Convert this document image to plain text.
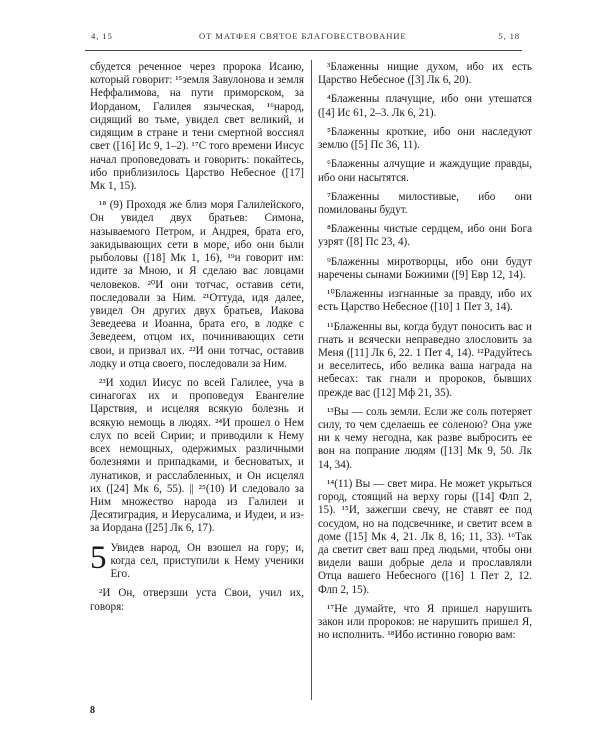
4, 15	ОТ МАТФЕЯ СВЯТОЕ БЛАГОВЕСТВОВАНИЕ	5, 18

сбудется реченное через пророка Исаию, который говорит: ¹⁵земля Завулонова и земля Неффалимова, на пути приморском, за Иорданом, Галилея языческая, ¹⁶народ, сидящий во тьме, увидел свет великий, и сидящим в стране и тени смертной воссиял свет ([16] Ис 9, 1–2). ¹⁷С того времени Иисус начал проповедовать и говорить: покайтесь, ибо приблизилось Царство Небесное ([17] Мк 1, 15).

¹⁸ (9) Проходя же близ моря Галилейского, Он увидел двух братьев: Симона, называемого Петром, и Андрея, брата его, закидывающих сети в море, ибо они были рыболовы ([18] Мк 1, 16), ¹⁹и говорит им: идите за Мною, и Я сделаю вас ловцами человеков. ²⁰И они тотчас, оставив сети, последовали за Ним. ²¹Оттуда, идя далее, увидел Он других двух братьев, Иакова Зеведеева и Иоанна, брата его, в лодке с Зеведеем, отцом их, починивающих сети свои, и призвал их. ²²И они тотчас, оставив лодку и отца своего, последовали за Ним.

²³И ходил Иисус по всей Галилее, уча в синагогах их и проповедуя Евангелие Царствия, и исцеляя всякую болезнь и всякую немощь в людях. ²⁴И прошел о Нем слух по всей Сирии; и приводили к Нему всех немощных, одержимых различными болезнями и припадками, и бесноватых, и лунатиков, и расслабленных, и Он исцелял их ([24] Мк 6, 55). || ²⁵(10) И следовало за Ним множество народа из Галилеи и Десятиградия, и Иерусалима, и Иудеи, и из-за Иордана ([25] Лк 6, 17).

5 Увидев народ, Он взошел на гору; и, когда сел, приступили к Нему ученики Его.

²И Он, отверзши уста Свои, учил их, говоря:

³Блаженны нищие духом, ибо их есть Царство Небесное ([3] Лк 6, 20).

⁴Блаженны плачущие, ибо они утешатся ([4] Ис 61, 2–3. Лк 6, 21).

⁵Блаженны кроткие, ибо они наследуют землю ([5] Пс 36, 11).

⁶Блаженны алчущие и жаждущие правды, ибо они насытятся.

⁷Блаженны милостивые, ибо они помилованы будут.

⁸Блаженны чистые сердцем, ибо они Бога узрят ([8] Пс 23, 4).

⁹Блаженны миротворцы, ибо они будут наречены сынами Божиими ([9] Евр 12, 14).

¹⁰Блаженны изгнанные за правду, ибо их есть Царство Небесное ([10] 1 Пет 3, 14).

¹¹Блаженны вы, когда будут поносить вас и гнать и всячески неправедно злословить за Меня ([11] Лк 6, 22. 1 Пет 4, 14). ¹²Радуйтесь и веселитесь, ибо велика ваша награда на небесах: так гнали и пророков, бывших прежде вас ([12] Мф 21, 35).

¹³Вы — соль земли. Если же соль потеряет силу, то чем сделаешь ее соленою? Она уже ни к чему негодна, как разве выбросить ее вон на попрание людям ([13] Мк 9, 50. Лк 14, 34).

¹⁴(11) Вы — свет мира. Не может укрыться город, стоящий на верху горы ([14] Флп 2, 15). ¹⁵И, зажегши свечу, не ставят ее под сосудом, но на подсвечнике, и светит всем в доме ([15] Мк 4, 21. Лк 8, 16; 11, 33). ¹⁶Так да светит свет ваш пред людьми, чтобы они видели ваши добрые дела и прославляли Отца вашего Небесного ([16] 1 Пет 2, 12. Флп 2, 15).

¹⁷Не думайте, что Я пришел нарушить закон или пророков: не нарушить пришел Я, но исполнить. ¹⁸Ибо истинно говорю вам:

8
